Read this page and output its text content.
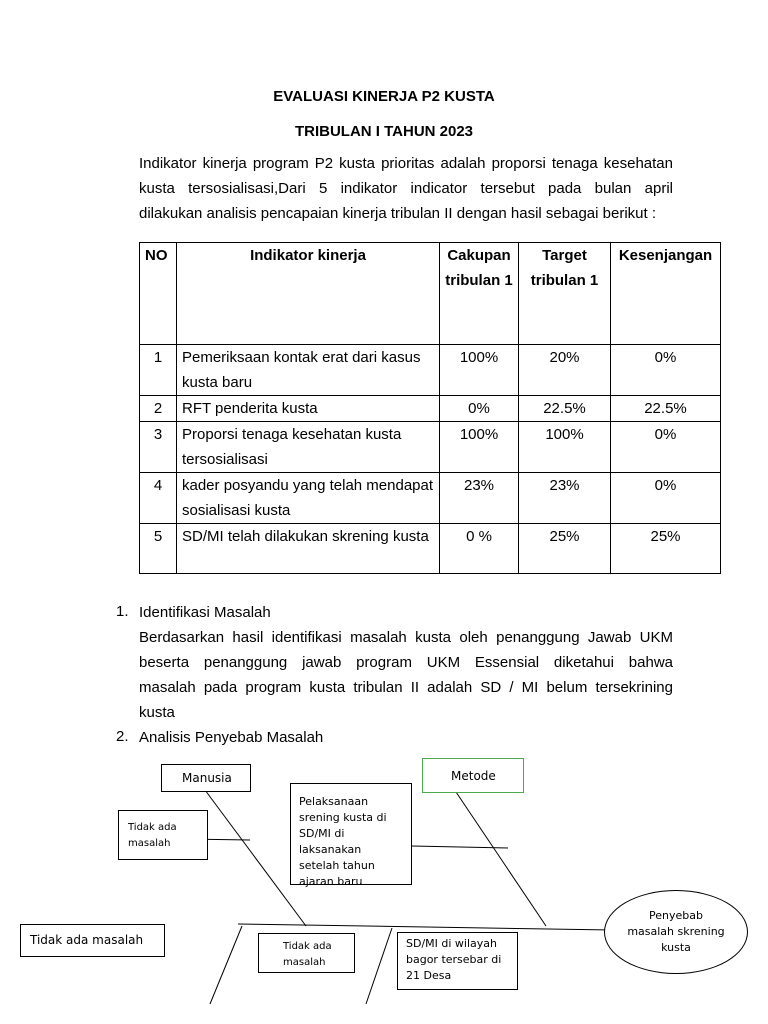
EVALUASI KINERJA P2 KUSTA
TRIBULAN I TAHUN 2023
Indikator kinerja program P2 kusta prioritas adalah proporsi tenaga kesehatan
kusta tersosialisasi,Dari 5 indikator indicator tersebut pada bulan april
dilakukan analisis pencapaian kinerja tribulan II dengan hasil sebagai berikut :
NO	Indikator kinerja	Cakupan tribulan 1	Target tribulan 1	Kesenjangan
1	Pemeriksaan kontak erat dari kasus kusta baru	100%	20%	0%
2	RFT penderita kusta	0%	22.5%	22.5%
3	Proporsi tenaga kesehatan kusta tersosialisasi	100%	100%	0%
4	kader posyandu yang telah mendapat sosialisasi kusta	23%	23%	0%
5	SD/MI telah dilakukan skrening kusta	0 %	25%	25%
1. Identifikasi Masalah
Berdasarkan hasil identifikasi masalah kusta oleh penanggung Jawab UKM
beserta penanggung jawab program UKM Essensial diketahui bahwa
masalah pada program kusta tribulan II adalah SD / MI belum tersekrining
kusta
2. Analisis Penyebab Masalah
Manusia	Metode
Pelaksanaan srening kusta di SD/MI di laksanakan setelah tahun ajaran baru
Tidak ada masalah
Tidak ada masalah	Tidak ada masalah
SD/MI di wilayah bagor tersebar di 21 Desa
Penyebab masalah skrening kusta
